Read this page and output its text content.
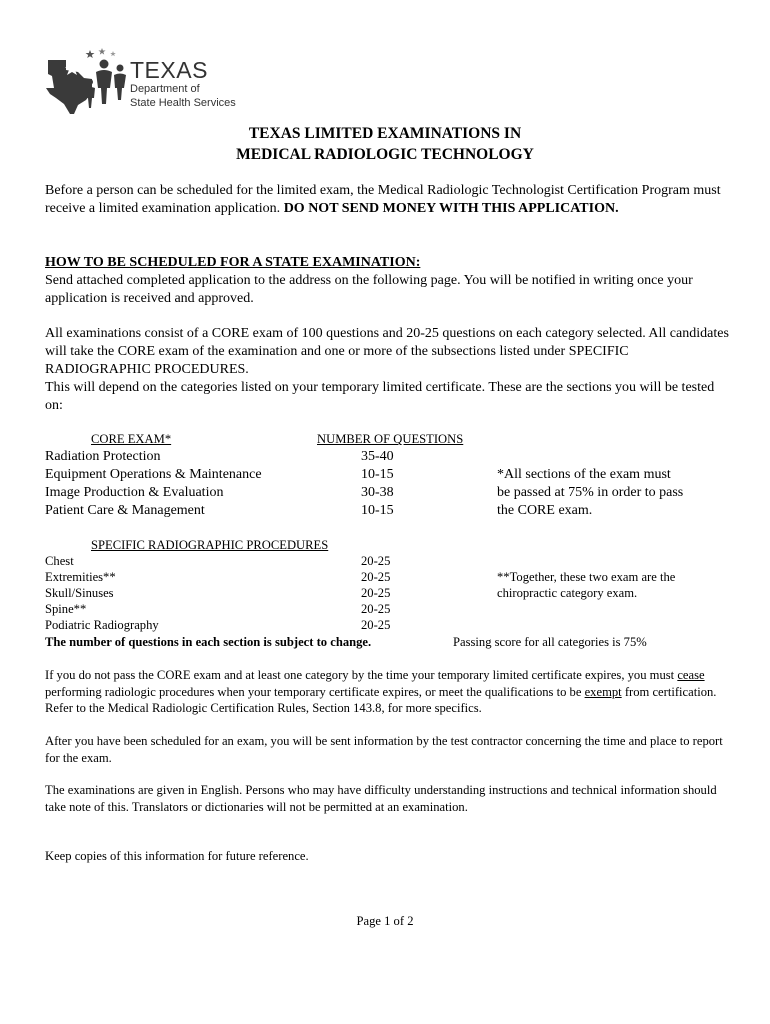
TEXAS
Department of
State Health Services
TEXAS LIMITED EXAMINATIONS IN
MEDICAL RADIOLOGIC TECHNOLOGY
Before a person can be scheduled for the limited exam, the Medical Radiologic Technologist Certification Program must receive a limited examination application. DO NOT SEND MONEY WITH THIS APPLICATION.
HOW TO BE SCHEDULED FOR A STATE EXAMINATION:
Send attached completed application to the address on the following page. You will be notified in writing once your application is received and approved.
All examinations consist of a CORE exam of 100 questions and 20-25 questions on each category selected. All candidates will take the CORE exam of the examination and one or more of the subsections listed under SPECIFIC RADIOGRAPHIC PROCEDURES.
This will depend on the categories listed on your temporary limited certificate. These are the sections you will be tested on:
CORE EXAM*	NUMBER OF QUESTIONS
Radiation Protection	35-40
Equipment Operations & Maintenance	10-15
Image Production & Evaluation	30-38
Patient Care & Management	10-15
*All sections of the exam must
be passed at 75% in order to pass
the CORE exam.
SPECIFIC RADIOGRAPHIC PROCEDURES
Chest	20-25
Extremities**	20-25
Skull/Sinuses	20-25
Spine**	20-25
Podiatric Radiography	20-25
**Together, these two exam are the
chiropractic category exam.
The number of questions in each section is subject to change.	Passing score for all categories is 75%
If you do not pass the CORE exam and at least one category by the time your temporary limited certificate expires, you must cease performing radiologic procedures when your temporary certificate expires, or meet the qualifications to be exempt from certification. Refer to the Medical Radiologic Certification Rules, Section 143.8, for more specifics.
After you have been scheduled for an exam, you will be sent information by the test contractor concerning the time and place to report for the exam.
The examinations are given in English. Persons who may have difficulty understanding instructions and technical information should take note of this. Translators or dictionaries will not be permitted at an examination.
Keep copies of this information for future reference.
Page 1 of 2
